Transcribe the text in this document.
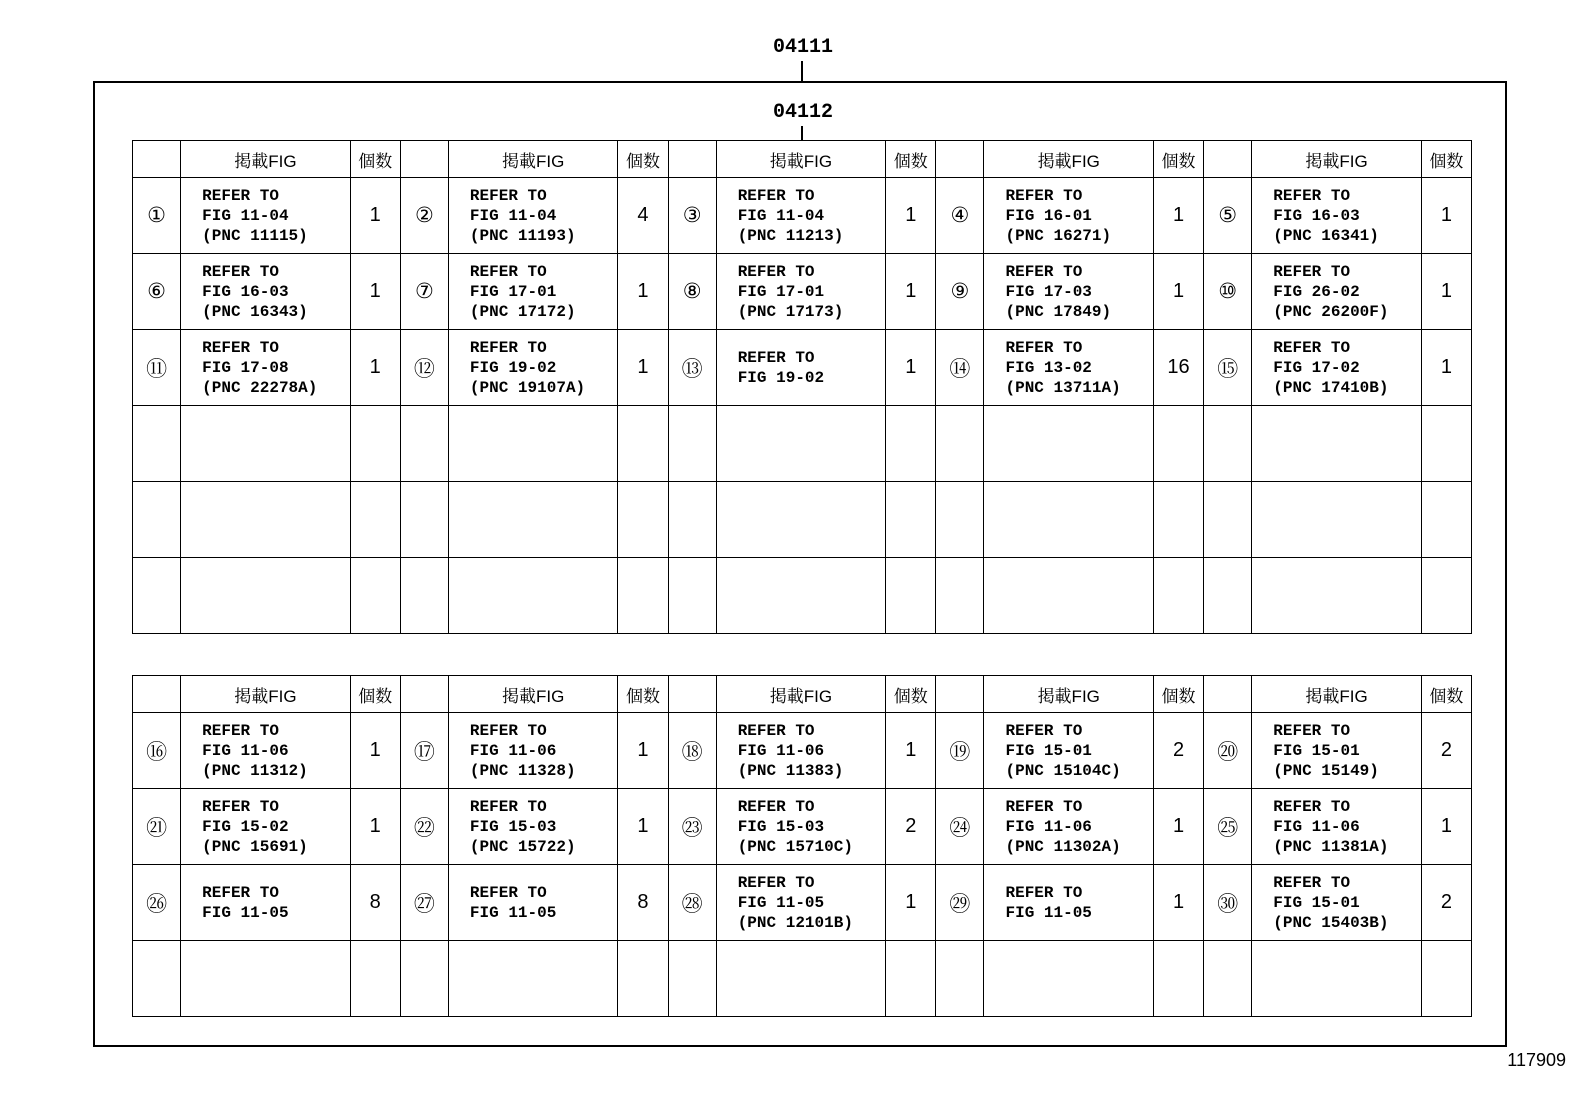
04111
04112
	掲載FIG	個数		掲載FIG	個数		掲載FIG	個数		掲載FIG	個数		掲載FIG	個数
①	REFER TO
FIG 11-04
(PNC 11115)	1	②	REFER TO
FIG 11-04
(PNC 11193)	4	③	REFER TO
FIG 11-04
(PNC 11213)	1	④	REFER TO
FIG 16-01
(PNC 16271)	1	⑤	REFER TO
FIG 16-03
(PNC 16341)	1
⑥	REFER TO
FIG 16-03
(PNC 16343)	1	⑦	REFER TO
FIG 17-01
(PNC 17172)	1	⑧	REFER TO
FIG 17-01
(PNC 17173)	1	⑨	REFER TO
FIG 17-03
(PNC 17849)	1	⑩	REFER TO
FIG 26-02
(PNC 26200F)	1
⑪	REFER TO
FIG 17-08
(PNC 22278A)	1	⑫	REFER TO
FIG 19-02
(PNC 19107A)	1	⑬	REFER TO
FIG 19-02	1	⑭	REFER TO
FIG 13-02
(PNC 13711A)	16	⑮	REFER TO
FIG 17-02
(PNC 17410B)	1

	掲載FIG	個数		掲載FIG	個数		掲載FIG	個数		掲載FIG	個数		掲載FIG	個数
⑯	REFER TO
FIG 11-06
(PNC 11312)	1	⑰	REFER TO
FIG 11-06
(PNC 11328)	1	⑱	REFER TO
FIG 11-06
(PNC 11383)	1	⑲	REFER TO
FIG 15-01
(PNC 15104C)	2	⑳	REFER TO
FIG 15-01
(PNC 15149)	2
㉑	REFER TO
FIG 15-02
(PNC 15691)	1	㉒	REFER TO
FIG 15-03
(PNC 15722)	1	㉓	REFER TO
FIG 15-03
(PNC 15710C)	2	㉔	REFER TO
FIG 11-06
(PNC 11302A)	1	㉕	REFER TO
FIG 11-06
(PNC 11381A)	1
㉖	REFER TO
FIG 11-05	8	㉗	REFER TO
FIG 11-05	8	㉘	REFER TO
FIG 11-05
(PNC 12101B)	1	㉙	REFER TO
FIG 11-05	1	㉚	REFER TO
FIG 15-01
(PNC 15403B)	2

117909
